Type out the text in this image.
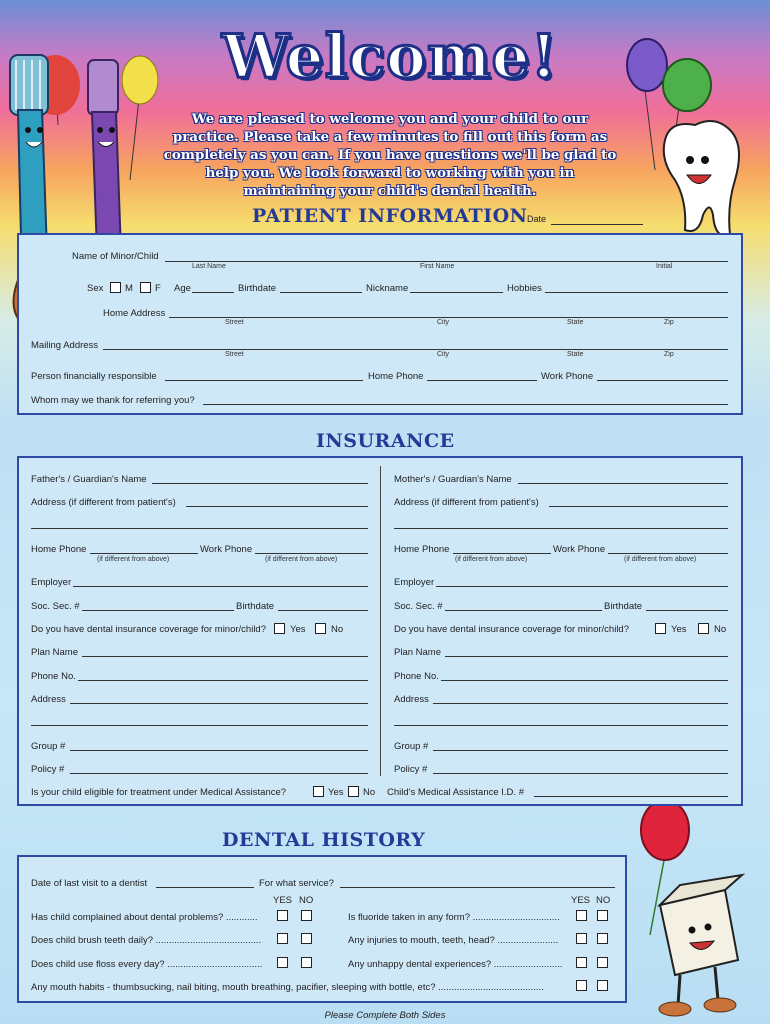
Welcome!
We are pleased to welcome you and your child to our practice. Please take a few minutes to fill out this form as completely as you can. If you have questions we'll be glad to help you. We look forward to working with you in maintaining your child's dental health.
PATIENT INFORMATION Date
Name of Minor/Child
Last Name	First Name	Initial
Sex M F Age	Birthdate	Nickname	Hobbies
Home Address
Street	City	State	Zip
Mailing Address
Street	City	State	Zip
Person financially responsible	Home Phone	Work Phone
Whom may we thank for referring you?
INSURANCE
Father's / Guardian's Name
Address (if different from patient's)
Home Phone	Work Phone
(if different from above)	(if different from above)
Employer
Soc. Sec. #	Birthdate
Do you have dental insurance coverage for minor/child?	Yes	No
Plan Name
Phone No.
Address
Group #
Policy #
Mother's / Guardian's Name
Address (if different from patient's)
Home Phone	Work Phone
(if different from above)	(if different from above)
Employer
Soc. Sec. #	Birthdate
Do you have dental insurance coverage for minor/child?	Yes	No
Plan Name
Phone No.
Address
Group #
Policy #
Is your child eligible for treatment under Medical Assistance?	Yes No Child's Medical Assistance I.D. #
DENTAL HISTORY
Date of last visit to a dentist	For what service?
YES NO	YES NO
Has child complained about dental problems? ............	Is fluoride taken in any form? .................................
Does child brush teeth daily? ........................................	Any injuries to mouth, teeth, head? .......................
Does child use floss every day? ....................................	Any unhappy dental experiences? ..........................
Any mouth habits - thumbsucking, nail biting, mouth breathing, pacifier, sleeping with bottle, etc? ........................................
Please Complete Both Sides
